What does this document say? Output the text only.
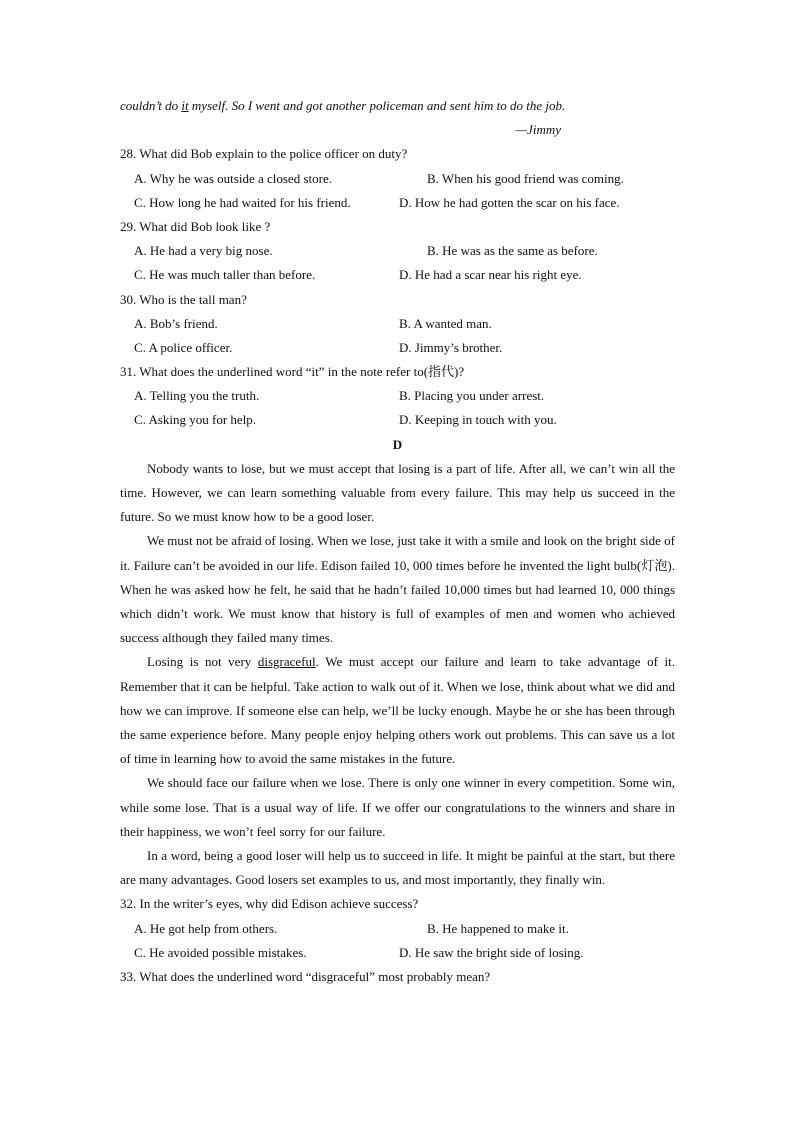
couldn’t do it myself. So I went and got another policeman and sent him to do the job.
—Jimmy
28. What did Bob explain to the police officer on duty?
A. Why he was outside a closed store.	B. When his good friend was coming.
C. How long he had waited for his friend.	D. How he had gotten the scar on his face.
29. What did Bob look like ?
A. He had a very big nose.	B. He was as the same as before.
C. He was much taller than before.	D. He had a scar near his right eye.
30. Who is the tall man?
A. Bob’s friend.	B. A wanted man.
C. A police officer.	D. Jimmy’s brother.
31. What does the underlined word “it” in the note refer to(指代)?
A. Telling you the truth.	B. Placing you under arrest.
C. Asking you for help.	D. Keeping in touch with you.
D

Nobody wants to lose, but we must accept that losing is a part of life. After all, we can’t win all the time. However, we can learn something valuable from every failure. This may help us succeed in the future. So we must know how to be a good loser.

We must not be afraid of losing. When we lose, just take it with a smile and look on the bright side of it. Failure can’t be avoided in our life. Edison failed 10, 000 times before he invented the light bulb(灯泡). When he was asked how he felt, he said that he hadn’t failed 10,000 times but had learned 10, 000 things which didn’t work. We must know that history is full of examples of men and women who achieved success although they failed many times.

Losing is not very disgraceful. We must accept our failure and learn to take advantage of it. Remember that it can be helpful. Take action to walk out of it. When we lose, think about what we did and how we can improve. If someone else can help, we’ll be lucky enough. Maybe he or she has been through the same experience before. Many people enjoy helping others work out problems. This can save us a lot of time in learning how to avoid the same mistakes in the future.

We should face our failure when we lose. There is only one winner in every competition. Some win, while some lose. That is a usual way of life. If we offer our congratulations to the winners and share in their happiness, we won’t feel sorry for our failure.

In a word, being a good loser will help us to succeed in life. It might be painful at the start, but there are many advantages. Good losers set examples to us, and most importantly, they finally win.

32. In the writer’s eyes, why did Edison achieve success?
A. He got help from others.	B. He happened to make it.
C. He avoided possible mistakes.	D. He saw the bright side of losing.
33. What does the underlined word “disgraceful” most probably mean?
